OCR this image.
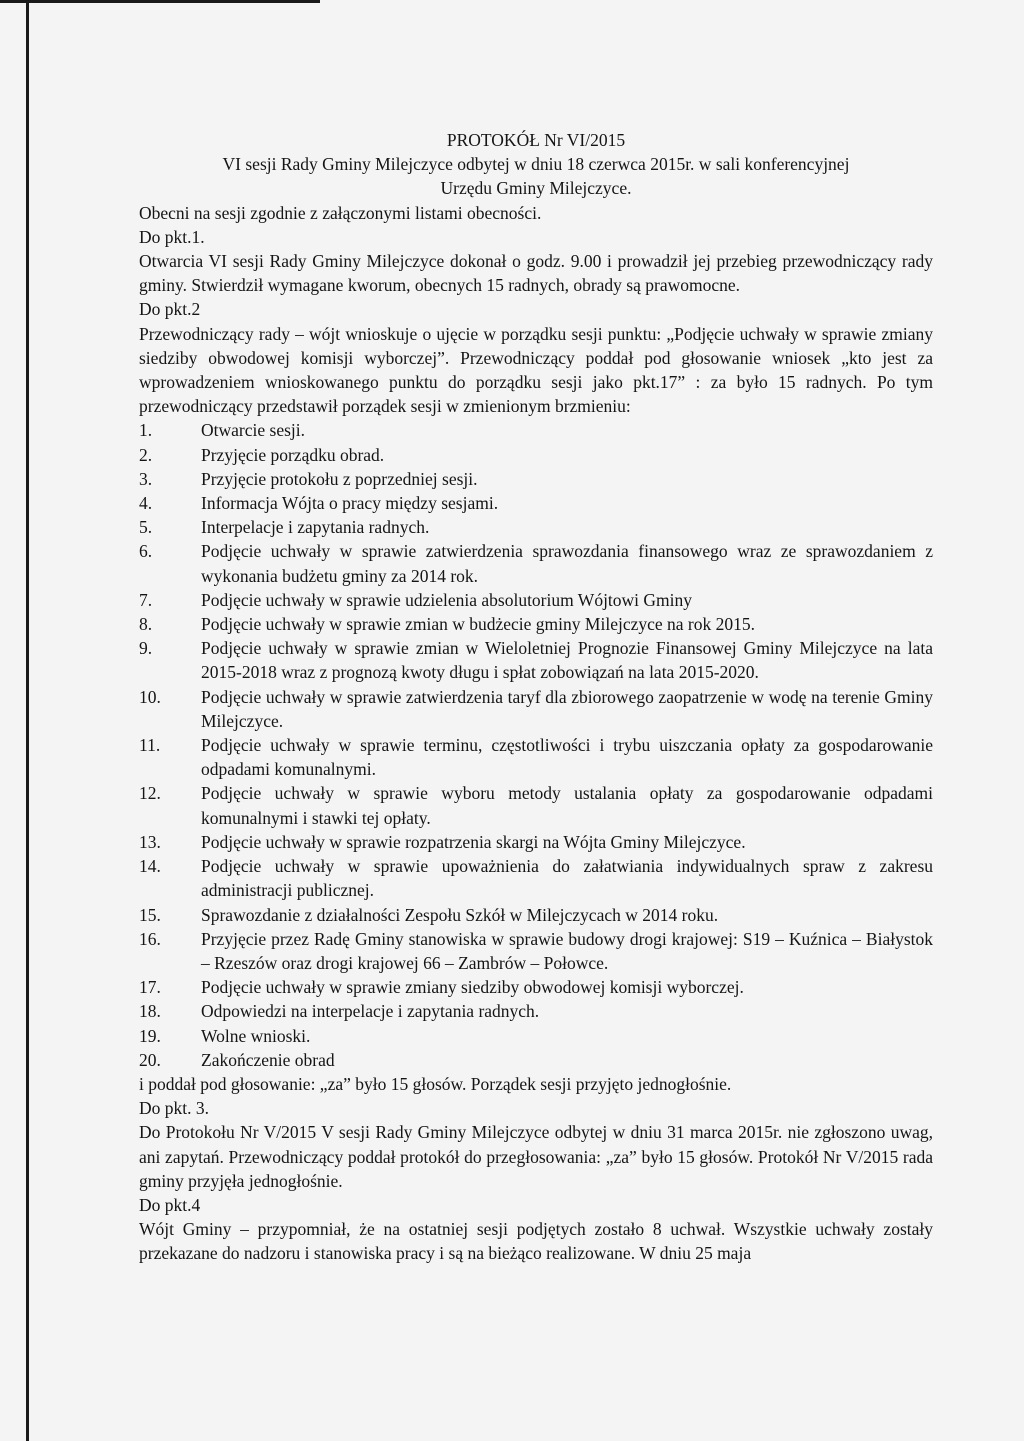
PROTOKÓŁ Nr VI/2015
VI sesji Rady Gminy Milejczyce odbytej w dniu 18 czerwca 2015r. w sali konferencyjnej
Urzędu Gminy Milejczyce.
Obecni na sesji zgodnie z załączonymi listami obecności.
Do pkt.1.

Otwarcia VI sesji Rady Gminy Milejczyce dokonał o godz. 9.00 i prowadził jej przebieg przewodniczący rady gminy. Stwierdził wymagane kworum, obecnych 15 radnych, obrady są prawomocne.

Do pkt.2

Przewodniczący rady – wójt wnioskuje o ujęcie w porządku sesji punktu: „Podjęcie uchwały w sprawie zmiany siedziby obwodowej komisji wyborczej”. Przewodniczący poddał pod głosowanie wniosek „kto jest za wprowadzeniem wnioskowanego punktu do porządku sesji jako pkt.17” : za było 15 radnych. Po tym przewodniczący przedstawił porządek sesji w zmienionym brzmieniu:

1.	Otwarcie sesji.
2.	Przyjęcie porządku obrad.
3.	Przyjęcie protokołu z poprzedniej sesji.
4.	Informacja Wójta o pracy między sesjami.
5.	Interpelacje i zapytania radnych.
6.	Podjęcie uchwały w sprawie zatwierdzenia sprawozdania finansowego wraz ze sprawozdaniem z wykonania budżetu gminy za 2014 rok.
7.	Podjęcie uchwały w sprawie udzielenia absolutorium Wójtowi Gminy
8.	Podjęcie uchwały w sprawie zmian w budżecie gminy Milejczyce na rok 2015.
9.	Podjęcie uchwały w sprawie zmian w Wieloletniej Prognozie Finansowej Gminy Milejczyce na lata 2015-2018 wraz z prognozą kwoty długu i spłat zobowiązań na lata 2015-2020.
10.	Podjęcie uchwały w sprawie zatwierdzenia taryf dla zbiorowego zaopatrzenie w wodę na terenie Gminy Milejczyce.
11.	Podjęcie uchwały w sprawie terminu, częstotliwości i trybu uiszczania opłaty za gospodarowanie odpadami komunalnymi.
12.	Podjęcie uchwały w sprawie wyboru metody ustalania opłaty za gospodarowanie odpadami komunalnymi i stawki tej opłaty.
13.	Podjęcie uchwały w sprawie rozpatrzenia skargi na Wójta Gminy Milejczyce.
14.	Podjęcie uchwały w sprawie upoważnienia do załatwiania indywidualnych spraw z zakresu administracji publicznej.
15.	Sprawozdanie z działalności Zespołu Szkół w Milejczycach w 2014 roku.
16.	Przyjęcie przez Radę Gminy stanowiska w sprawie budowy drogi krajowej: S19 – Kuźnica – Białystok – Rzeszów oraz drogi krajowej 66 – Zambrów – Połowce.
17.	Podjęcie uchwały w sprawie zmiany siedziby obwodowej komisji wyborczej.
18.	Odpowiedzi na interpelacje i zapytania radnych.
19.	Wolne wnioski.
20.	Zakończenie obrad
i poddał pod głosowanie: „za” było 15 głosów. Porządek sesji przyjęto jednogłośnie.
Do pkt. 3.

Do Protokołu Nr V/2015 V sesji Rady Gminy Milejczyce odbytej w dniu 31 marca 2015r. nie zgłoszono uwag, ani zapytań. Przewodniczący poddał protokół do przegłosowania: „za” było 15 głosów. Protokół Nr V/2015 rada gminy przyjęła jednogłośnie.

Do pkt.4

Wójt Gminy – przypomniał, że na ostatniej sesji podjętych zostało 8 uchwał. Wszystkie uchwały zostały przekazane do nadzoru i stanowiska pracy i są na bieżąco realizowane. W dniu 25 maja
